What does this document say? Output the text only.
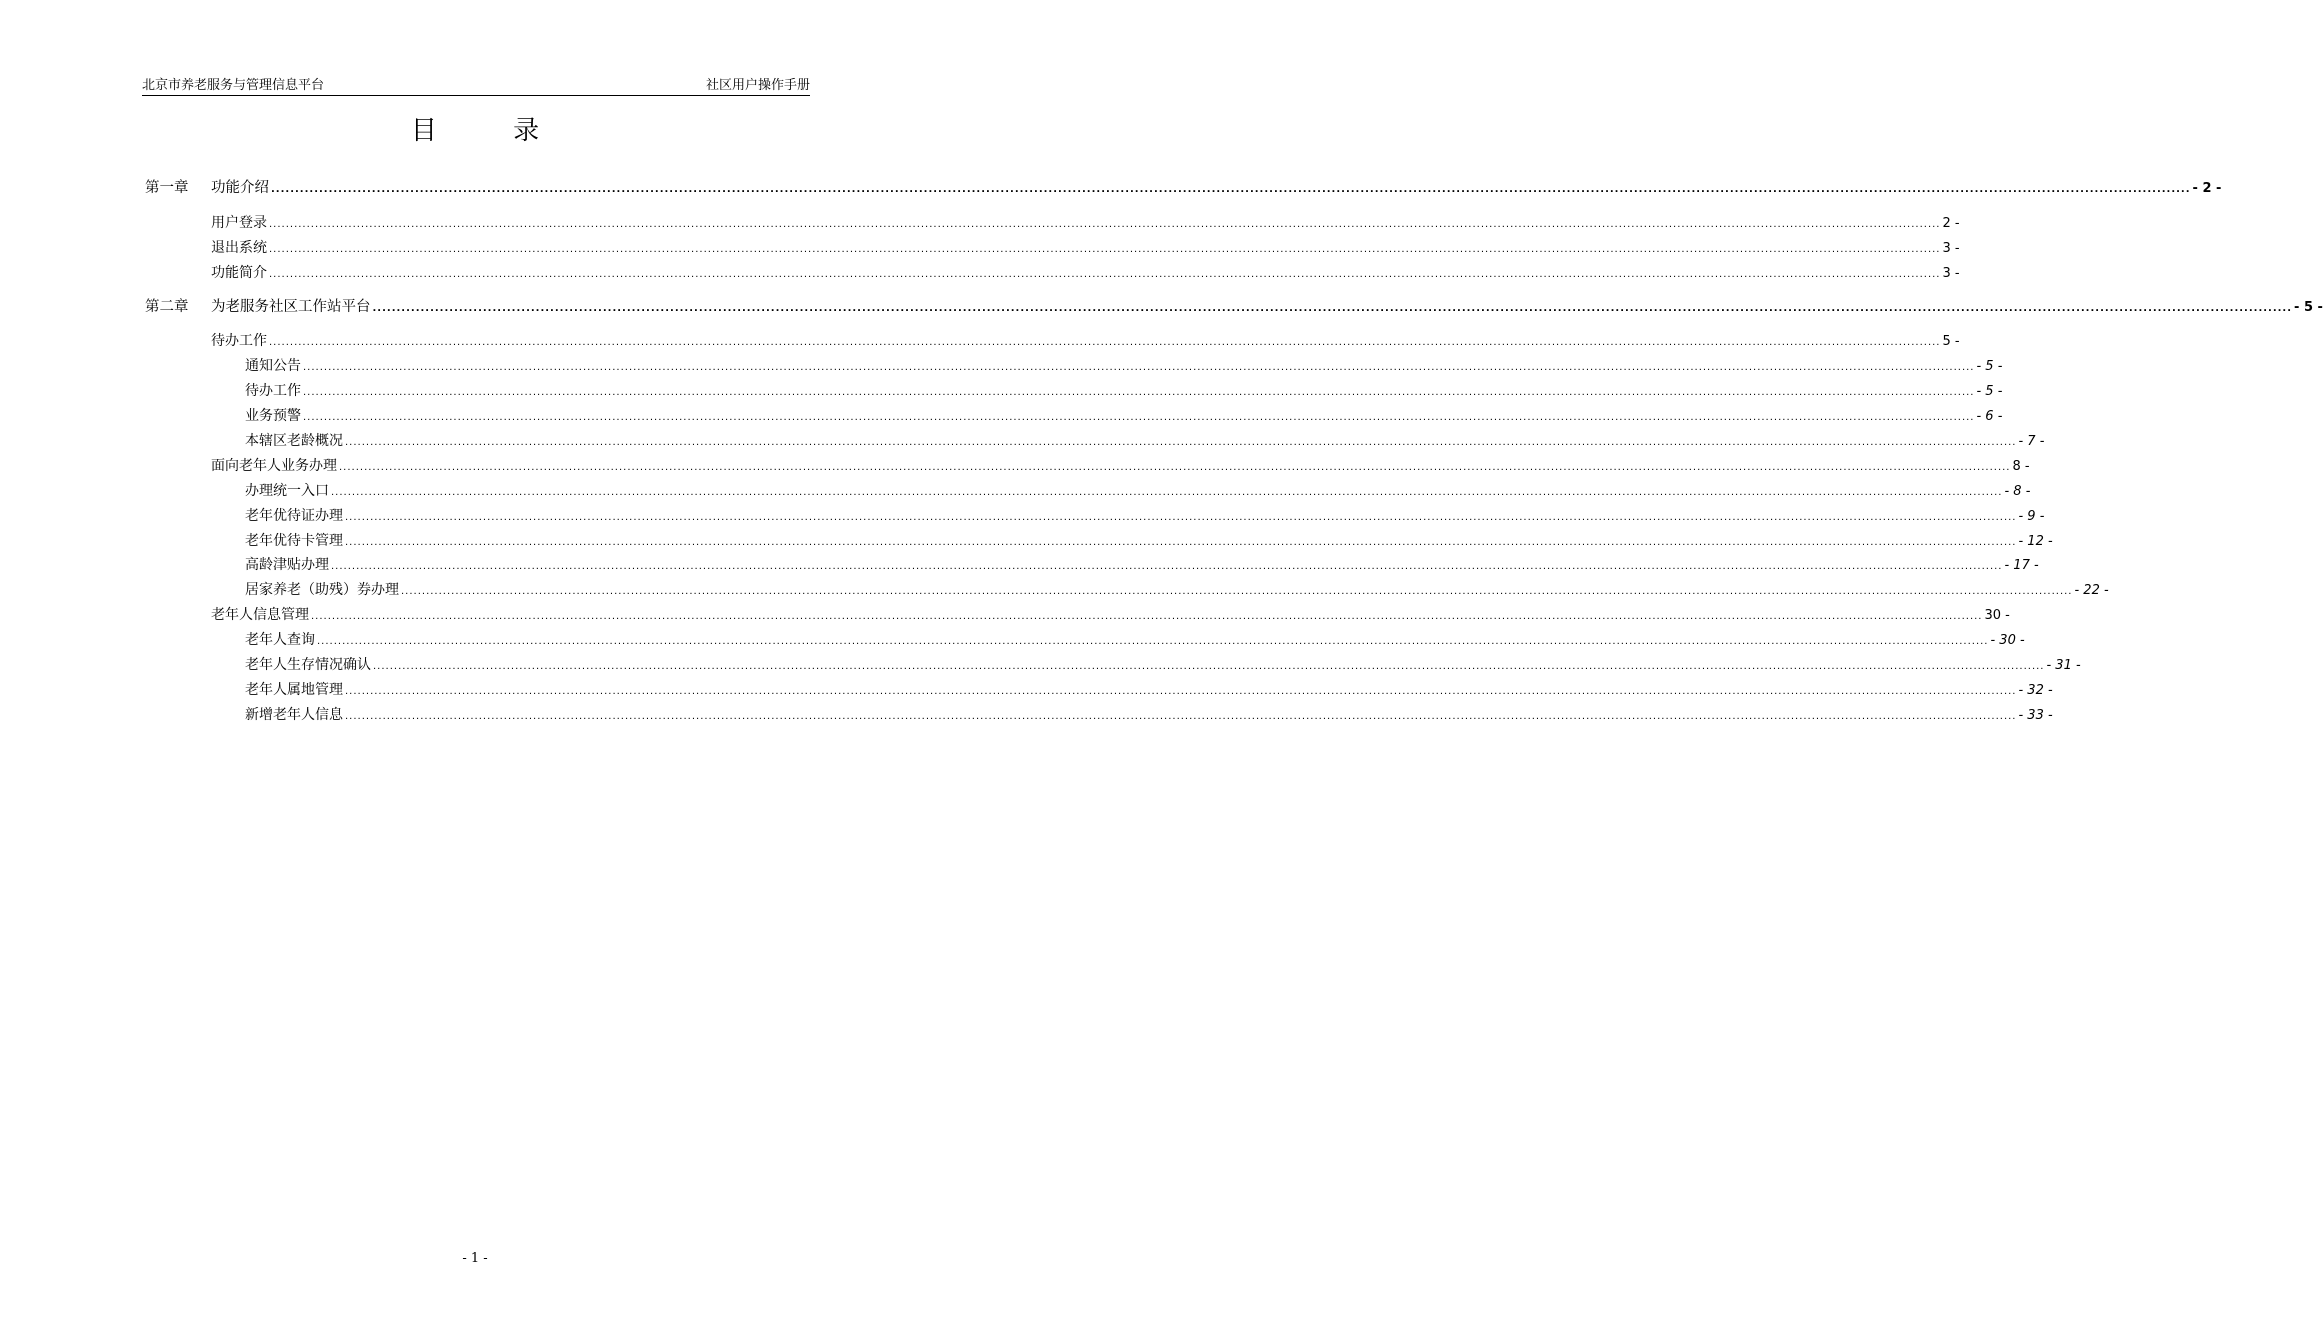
北京市养老服务与管理信息平台	社区用户操作手册
目 录
第一章	功能介绍 ................................................................................................................................................................................................................................................................................................................................................................................................................ - 2 -
用户登录 ................................................................................................................................................................................................................................................................................................................................................................................................................ 2 -
退出系统 ................................................................................................................................................................................................................................................................................................................................................................................................................ 3 -
功能简介 ................................................................................................................................................................................................................................................................................................................................................................................................................ 3 -
第二章	为老服务社区工作站平台 ................................................................................................................................................................................................................................................................................................................................................................................................................ - 5 -
待办工作 ................................................................................................................................................................................................................................................................................................................................................................................................................ 5 -
通知公告 ................................................................................................................................................................................................................................................................................................................................................................................................................ - 5 -
待办工作 ................................................................................................................................................................................................................................................................................................................................................................................................................ - 5 -
业务预警 ................................................................................................................................................................................................................................................................................................................................................................................................................ - 6 -
本辖区老龄概况 ................................................................................................................................................................................................................................................................................................................................................................................................................ - 7 -
面向老年人业务办理 ................................................................................................................................................................................................................................................................................................................................................................................................................ 8 -
办理统一入口 ................................................................................................................................................................................................................................................................................................................................................................................................................ - 8 -
老年优待证办理 ................................................................................................................................................................................................................................................................................................................................................................................................................ - 9 -
老年优待卡管理 ................................................................................................................................................................................................................................................................................................................................................................................................................ - 12 -
高龄津贴办理 ................................................................................................................................................................................................................................................................................................................................................................................................................ - 17 -
居家养老（助残）券办理 ................................................................................................................................................................................................................................................................................................................................................................................................................ - 22 -
老年人信息管理 ................................................................................................................................................................................................................................................................................................................................................................................................................ 30 -
老年人查询 ................................................................................................................................................................................................................................................................................................................................................................................................................ - 30 -
老年人生存情况确认 ................................................................................................................................................................................................................................................................................................................................................................................................................ - 31 -
老年人属地管理 ................................................................................................................................................................................................................................................................................................................................................................................................................ - 32 -
新增老年人信息 ................................................................................................................................................................................................................................................................................................................................................................................................................ - 33 -
- 1 -
